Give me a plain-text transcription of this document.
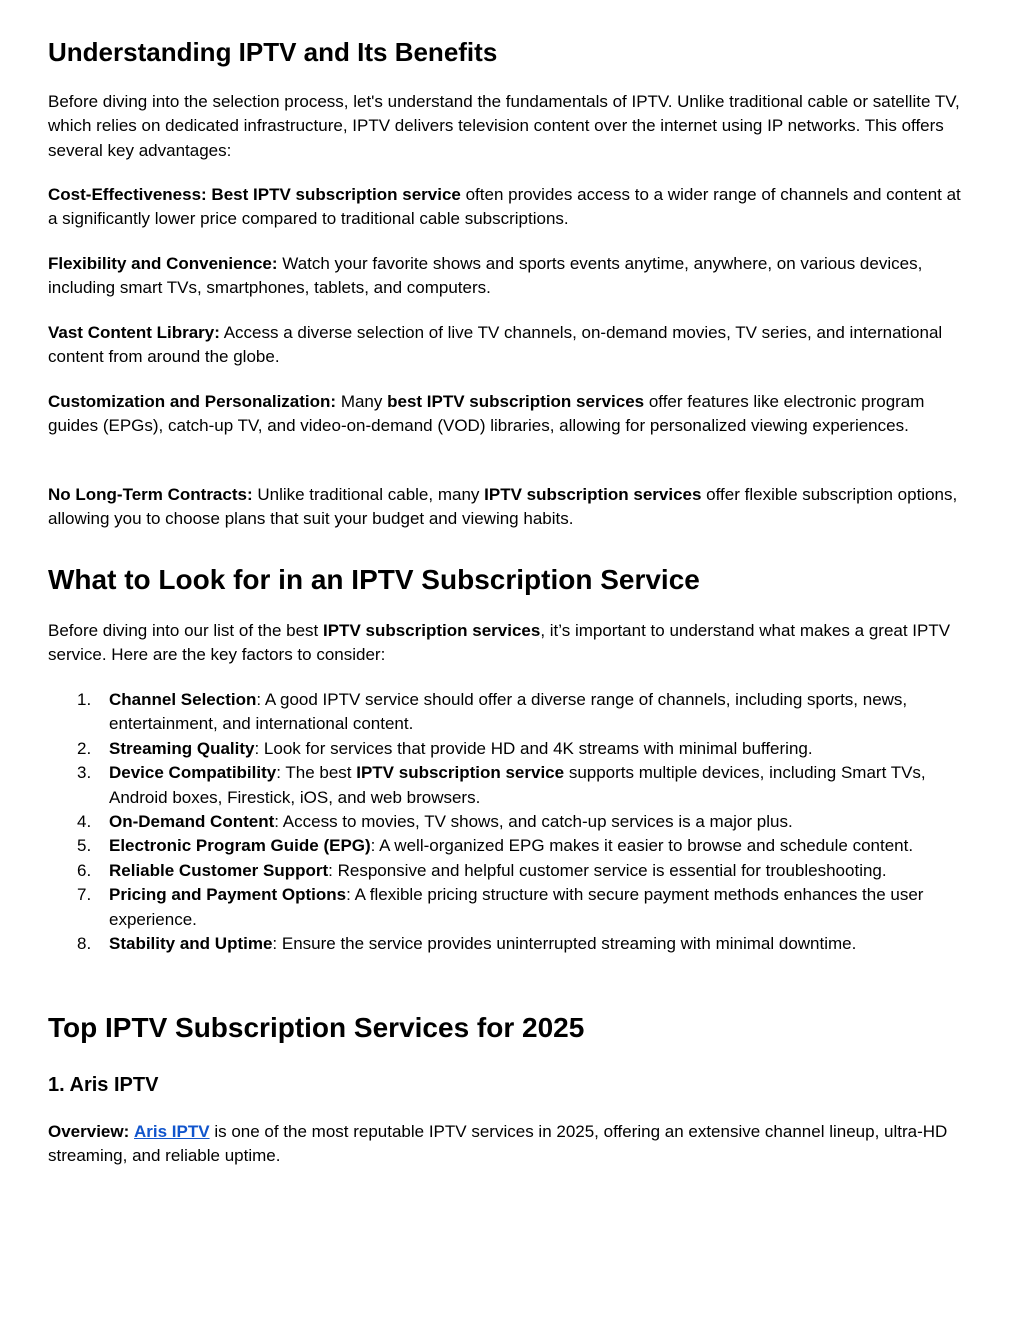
Understanding IPTV and Its Benefits

Before diving into the selection process, let's understand the fundamentals of IPTV. Unlike traditional cable or satellite TV, which relies on dedicated infrastructure, IPTV delivers television content over the internet using IP networks. This offers several key advantages:

Cost-Effectiveness: Best IPTV subscription service often provides access to a wider range of channels and content at a significantly lower price compared to traditional cable subscriptions.

Flexibility and Convenience: Watch your favorite shows and sports events anytime, anywhere, on various devices, including smart TVs, smartphones, tablets, and computers.

Vast Content Library: Access a diverse selection of live TV channels, on-demand movies, TV series, and international content from around the globe.

Customization and Personalization: Many best IPTV subscription services offer features like electronic program guides (EPGs), catch-up TV, and video-on-demand (VOD) libraries, allowing for personalized viewing experiences.

No Long-Term Contracts: Unlike traditional cable, many IPTV subscription services offer flexible subscription options, allowing you to choose plans that suit your budget and viewing habits.

What to Look for in an IPTV Subscription Service

Before diving into our list of the best IPTV subscription services, it’s important to understand what makes a great IPTV service. Here are the key factors to consider:

1. Channel Selection: A good IPTV service should offer a diverse range of channels, including sports, news, entertainment, and international content.
2. Streaming Quality: Look for services that provide HD and 4K streams with minimal buffering.
3. Device Compatibility: The best IPTV subscription service supports multiple devices, including Smart TVs, Android boxes, Firestick, iOS, and web browsers.
4. On-Demand Content: Access to movies, TV shows, and catch-up services is a major plus.
5. Electronic Program Guide (EPG): A well-organized EPG makes it easier to browse and schedule content.
6. Reliable Customer Support: Responsive and helpful customer service is essential for troubleshooting.
7. Pricing and Payment Options: A flexible pricing structure with secure payment methods enhances the user experience.
8. Stability and Uptime: Ensure the service provides uninterrupted streaming with minimal downtime.
Top IPTV Subscription Services for 2025
1. Aris IPTV

Overview: Aris IPTV is one of the most reputable IPTV services in 2025, offering an extensive channel lineup, ultra-HD streaming, and reliable uptime.
